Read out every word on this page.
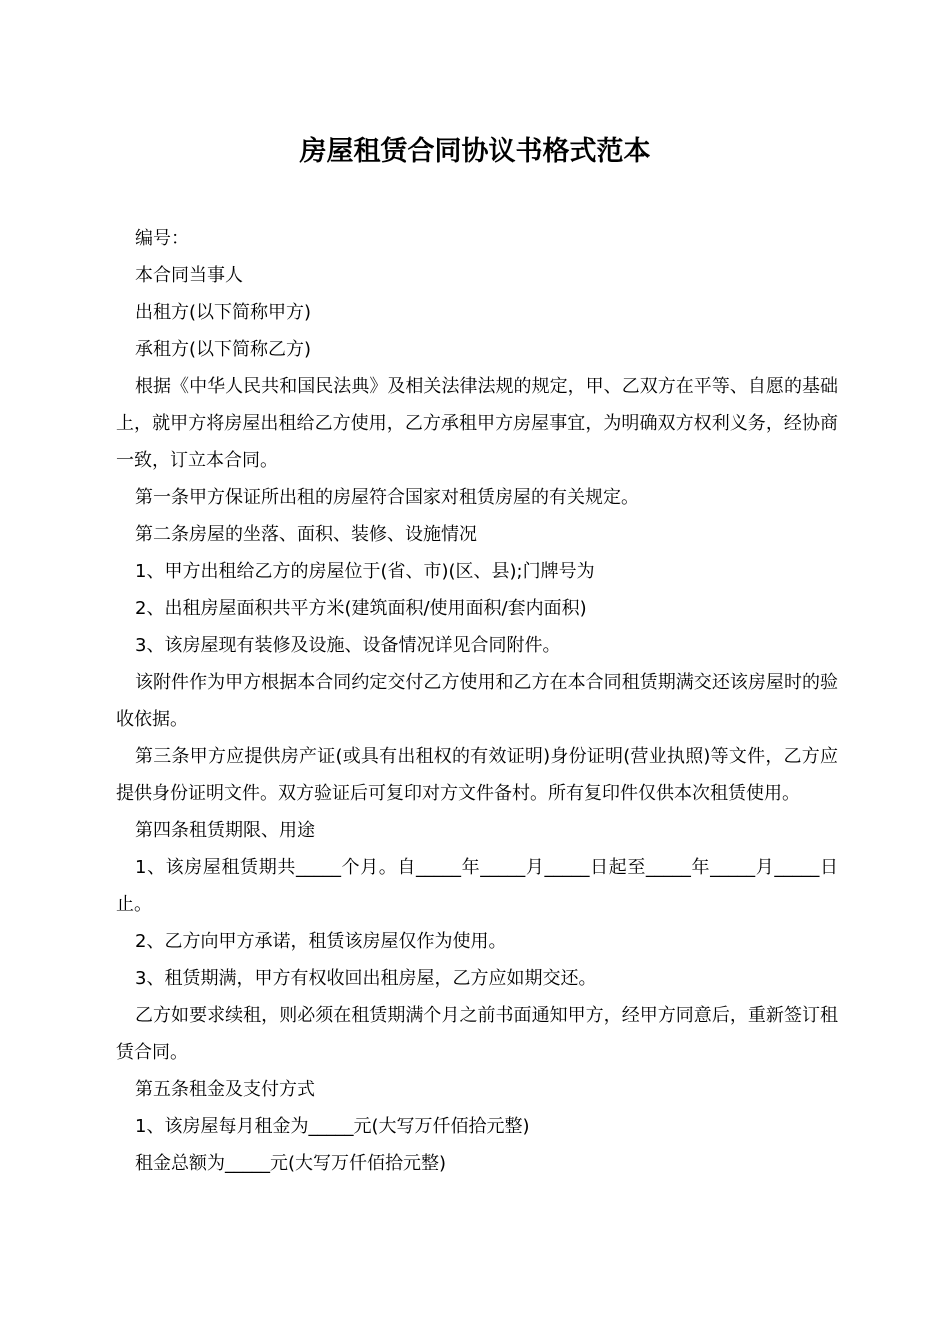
房屋租赁合同协议书格式范本

编号：

本合同当事人

出租方(以下简称甲方)

承租方(以下简称乙方)

根据《中华人民共和国民法典》及相关法律法规的规定，甲、乙双方在平等、自愿的基础上，就甲方将房屋出租给乙方使用，乙方承租甲方房屋事宜，为明确双方权利义务，经协商一致，订立本合同。

第一条甲方保证所出租的房屋符合国家对租赁房屋的有关规定。

第二条房屋的坐落、面积、装修、设施情况

1、甲方出租给乙方的房屋位于(省、市)(区、县);门牌号为

2、出租房屋面积共平方米(建筑面积/使用面积/套内面积)

3、该房屋现有装修及设施、设备情况详见合同附件。

该附件作为甲方根据本合同约定交付乙方使用和乙方在本合同租赁期满交还该房屋时的验收依据。

第三条甲方应提供房产证(或具有出租权的有效证明)身份证明(营业执照)等文件，乙方应提供身份证明文件。双方验证后可复印对方文件备村。所有复印件仅供本次租赁使用。

第四条租赁期限、用途

1、该房屋租赁期共_____个月。自_____年_____月_____日起至_____年_____月_____日止。

2、乙方向甲方承诺，租赁该房屋仅作为使用。

3、租赁期满，甲方有权收回出租房屋，乙方应如期交还。

乙方如要求续租，则必须在租赁期满个月之前书面通知甲方，经甲方同意后，重新签订租赁合同。

第五条租金及支付方式

1、该房屋每月租金为_____元(大写万仟佰拾元整)

租金总额为_____元(大写万仟佰拾元整)
